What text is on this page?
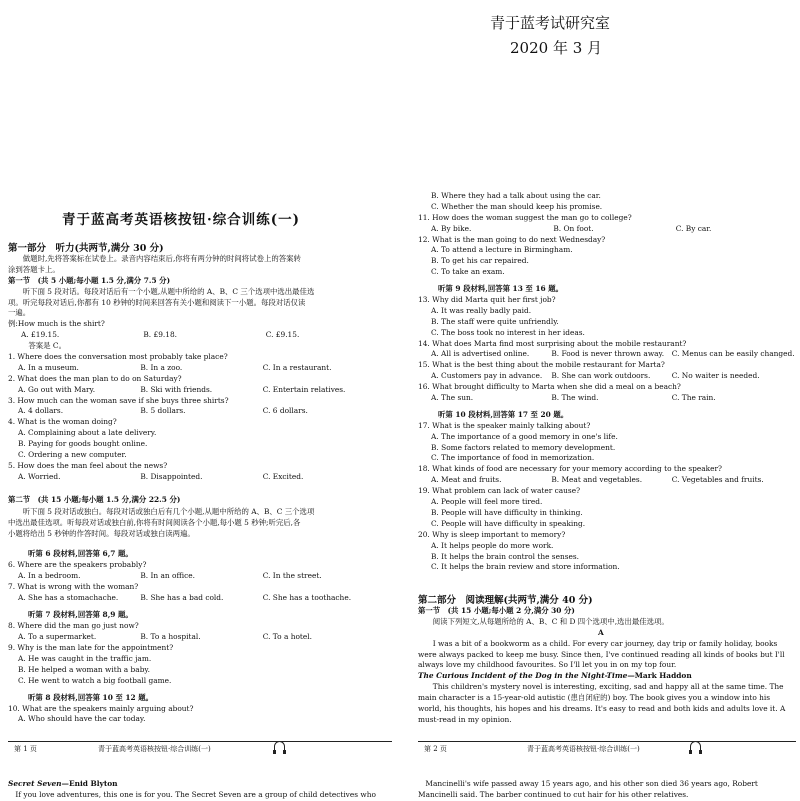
青于蓝考试研究室
2020 年 3 月
青于蓝高考英语核按钮·综合训练(一)
第一部分　听力(共两节,满分 30 分)
　　做题时,先将答案标在试卷上。录音内容结束后,你将有两分钟的时间将试卷上的答案转
涂到答题卡上。
第一节　(共 5 小题;每小题 1.5 分,满分 7.5 分)
　　听下面 5 段对话。每段对话后有一个小题,从题中所给的 A、B、C 三个选项中选出最佳选
项。听完每段对话后,你都有 10 秒钟的时间来回答有关小题和阅读下一小题。每段对话仅读
一遍。
例:How much is the shirt?
A. £19.15.	B. £9.18.	C. £9.15.
　答案是 C。
1. Where does the conversation most probably take place?
A. In a museum.	B. In a zoo.	C. In a restaurant.
2. What does the man plan to do on Saturday?
A. Go out with Mary.	B. Ski with friends.	C. Entertain relatives.
3. How much can the woman save if she buys three shirts?
A. 4 dollars.	B. 5 dollars.	C. 6 dollars.
4. What is the woman doing?
A. Complaining about a late delivery.
B. Paying for goods bought online.
C. Ordering a new computer.
5. How does the man feel about the news?
A. Worried.	B. Disappointed.	C. Excited.
第二节　(共 15 小题;每小题 1.5 分,满分 22.5 分)
　　听下面 5 段对话或独白。每段对话或独白后有几个小题,从题中所给的 A、B、C 三个选项
中选出最佳选项。听每段对话或独白前,你将有时间阅读各个小题,每小题 5 秒钟;听完后,各
小题将给出 5 秒钟的作答时间。每段对话或独白读两遍。
听第 6 段材料,回答第 6,7 题。
6. Where are the speakers probably?
A. In a bedroom.	B. In an office.	C. In the street.
7. What is wrong with the woman?
A. She has a stomachache.	B. She has a bad cold.	C. She has a toothache.
听第 7 段材料,回答第 8,9 题。
8. Where did the man go just now?
A. To a supermarket.	B. To a hospital.	C. To a hotel.
9. Why is the man late for the appointment?
A. He was caught in the traffic jam.
B. He helped a woman with a baby.
C. He went to watch a big football game.
听第 8 段材料,回答第 10 至 12 题。
10. What are the speakers mainly arguing about?
A. Who should have the car today.
第 1 页	青于蓝高考英语核按钮·综合训练(一)
B. Where they had a talk about using the car.
C. Whether the man should keep his promise.
11. How does the woman suggest the man go to college?
A. By bike.	B. On foot.	C. By car.
12. What is the man going to do next Wednesday?
A. To attend a lecture in Birmingham.
B. To get his car repaired.
C. To take an exam.
听第 9 段材料,回答第 13 至 16 题。
13. Why did Marta quit her first job?
A. It was really badly paid.
B. The staff were quite unfriendly.
C. The boss took no interest in her ideas.
14. What does Marta find most surprising about the mobile restaurant?
A. All is advertised online.	B. Food is never thrown away. C. Menus can be easily changed.
15. What is the best thing about the mobile restaurant for Marta?
A. Customers pay in advance. B. She can work outdoors.	C. No waiter is needed.
16. What brought difficulty to Marta when she did a meal on a beach?
A. The sun.	B. The wind.	C. The rain.
听第 10 段材料,回答第 17 至 20 题。
17. What is the speaker mainly talking about?
A. The importance of a good memory in one's life.
B. Some factors related to memory development.
C. The importance of food in memorization.
18. What kinds of food are necessary for your memory according to the speaker?
A. Meat and fruits.	B. Meat and vegetables.	C. Vegetables and fruits.
19. What problem can lack of water cause?
A. People will feel more tired.
B. People will have difficulty in thinking.
C. People will have difficulty in speaking.
20. Why is sleep important to memory?
A. It helps people do more work.
B. It helps the brain control the senses.
C. It helps the brain review and store information.
第二部分　阅读理解(共两节,满分 40 分)
第一节　(共 15 小题;每小题 2 分,满分 30 分)
　　阅读下列短文,从每题所给的 A、B、C 和 D 四个选项中,选出最佳选项。
A
　　I was a bit of a bookworm as a child. For every car journey, day trip or family holiday, books
were always packed to keep me busy. Since then, I've continued reading all kinds of books but I'll
always love my childhood favourites. So I'll let you in on my top four.
The Curious Incident of the Dog in the Night-Time—Mark Haddon
　　This children's mystery novel is interesting, exciting, sad and happy all at the same time. The
main character is a 15-year-old autistic (患自闭症的) boy. The book gives you a window into his
world, his thoughts, his hopes and his dreams. It's easy to read and both kids and adults love it. A
must-read in my opinion.
第 2 页	青于蓝高考英语核按钮·综合训练(一)
Secret Seven—Enid Blyton
　If you love adventures, this one is for you. The Secret Seven are a group of child detectives who
　Mancinelli's wife passed away 15 years ago, and his other son died 36 years ago, Robert
Mancinelli said. The barber continued to cut hair for his other relatives.
